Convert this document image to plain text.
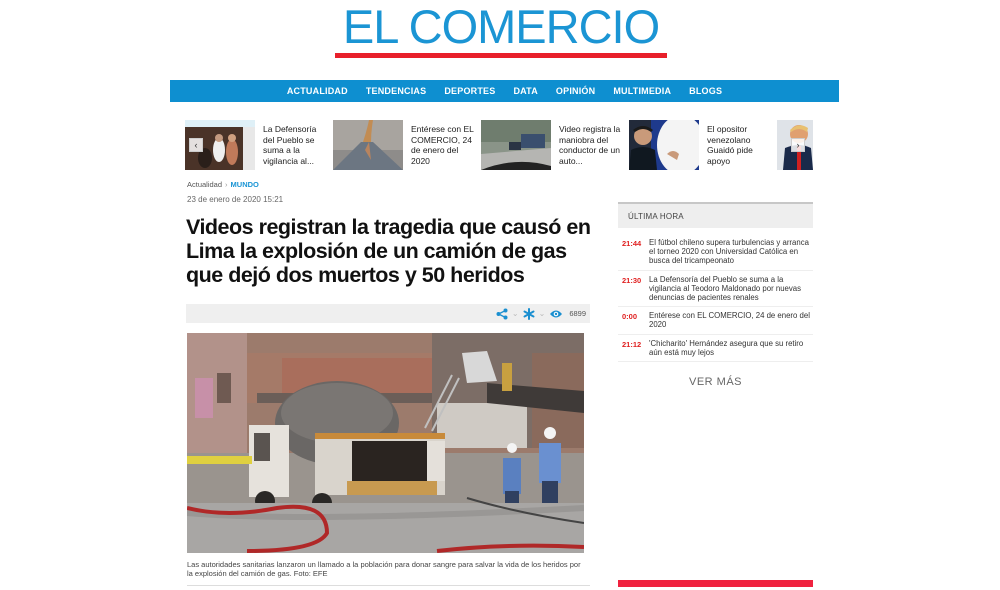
EL COMERCIO
ACTUALIDAD	TENDENCIAS	DEPORTES	DATA	OPINIÓN	MULTIMEDIA	BLOGS
‹
La Defensoría del Pueblo se suma a la vigilancia al...
Entérese con EL COMERCIO, 24 de enero del 2020
Video registra la maniobra del conductor de un auto...
El opositor venezolano Guaidó pide apoyo
›
Actualidad › MUNDO
23 de enero de 2020 15:21
Videos registran la tragedia que causó en Lima la explosión de un camión de gas que dejó dos muertos y 50 heridos
⌄	⌄	6899

Las autoridades sanitarias lanzaron un llamado a la población para donar sangre para salvar la vida de los heridos por la explosión del camión de gas. Foto: EFE

ÚLTIMA HORA
21:44	El fútbol chileno supera turbulencias y arranca el torneo 2020 con Universidad Católica en busca del tricampeonato
21:30	La Defensoría del Pueblo se suma a la vigilancia al Teodoro Maldonado por nuevas denuncias de pacientes renales
0:00	Entérese con EL COMERCIO, 24 de enero del 2020
21:12	'Chicharito' Hernández asegura que su retiro aún está muy lejos
VER MÁS
